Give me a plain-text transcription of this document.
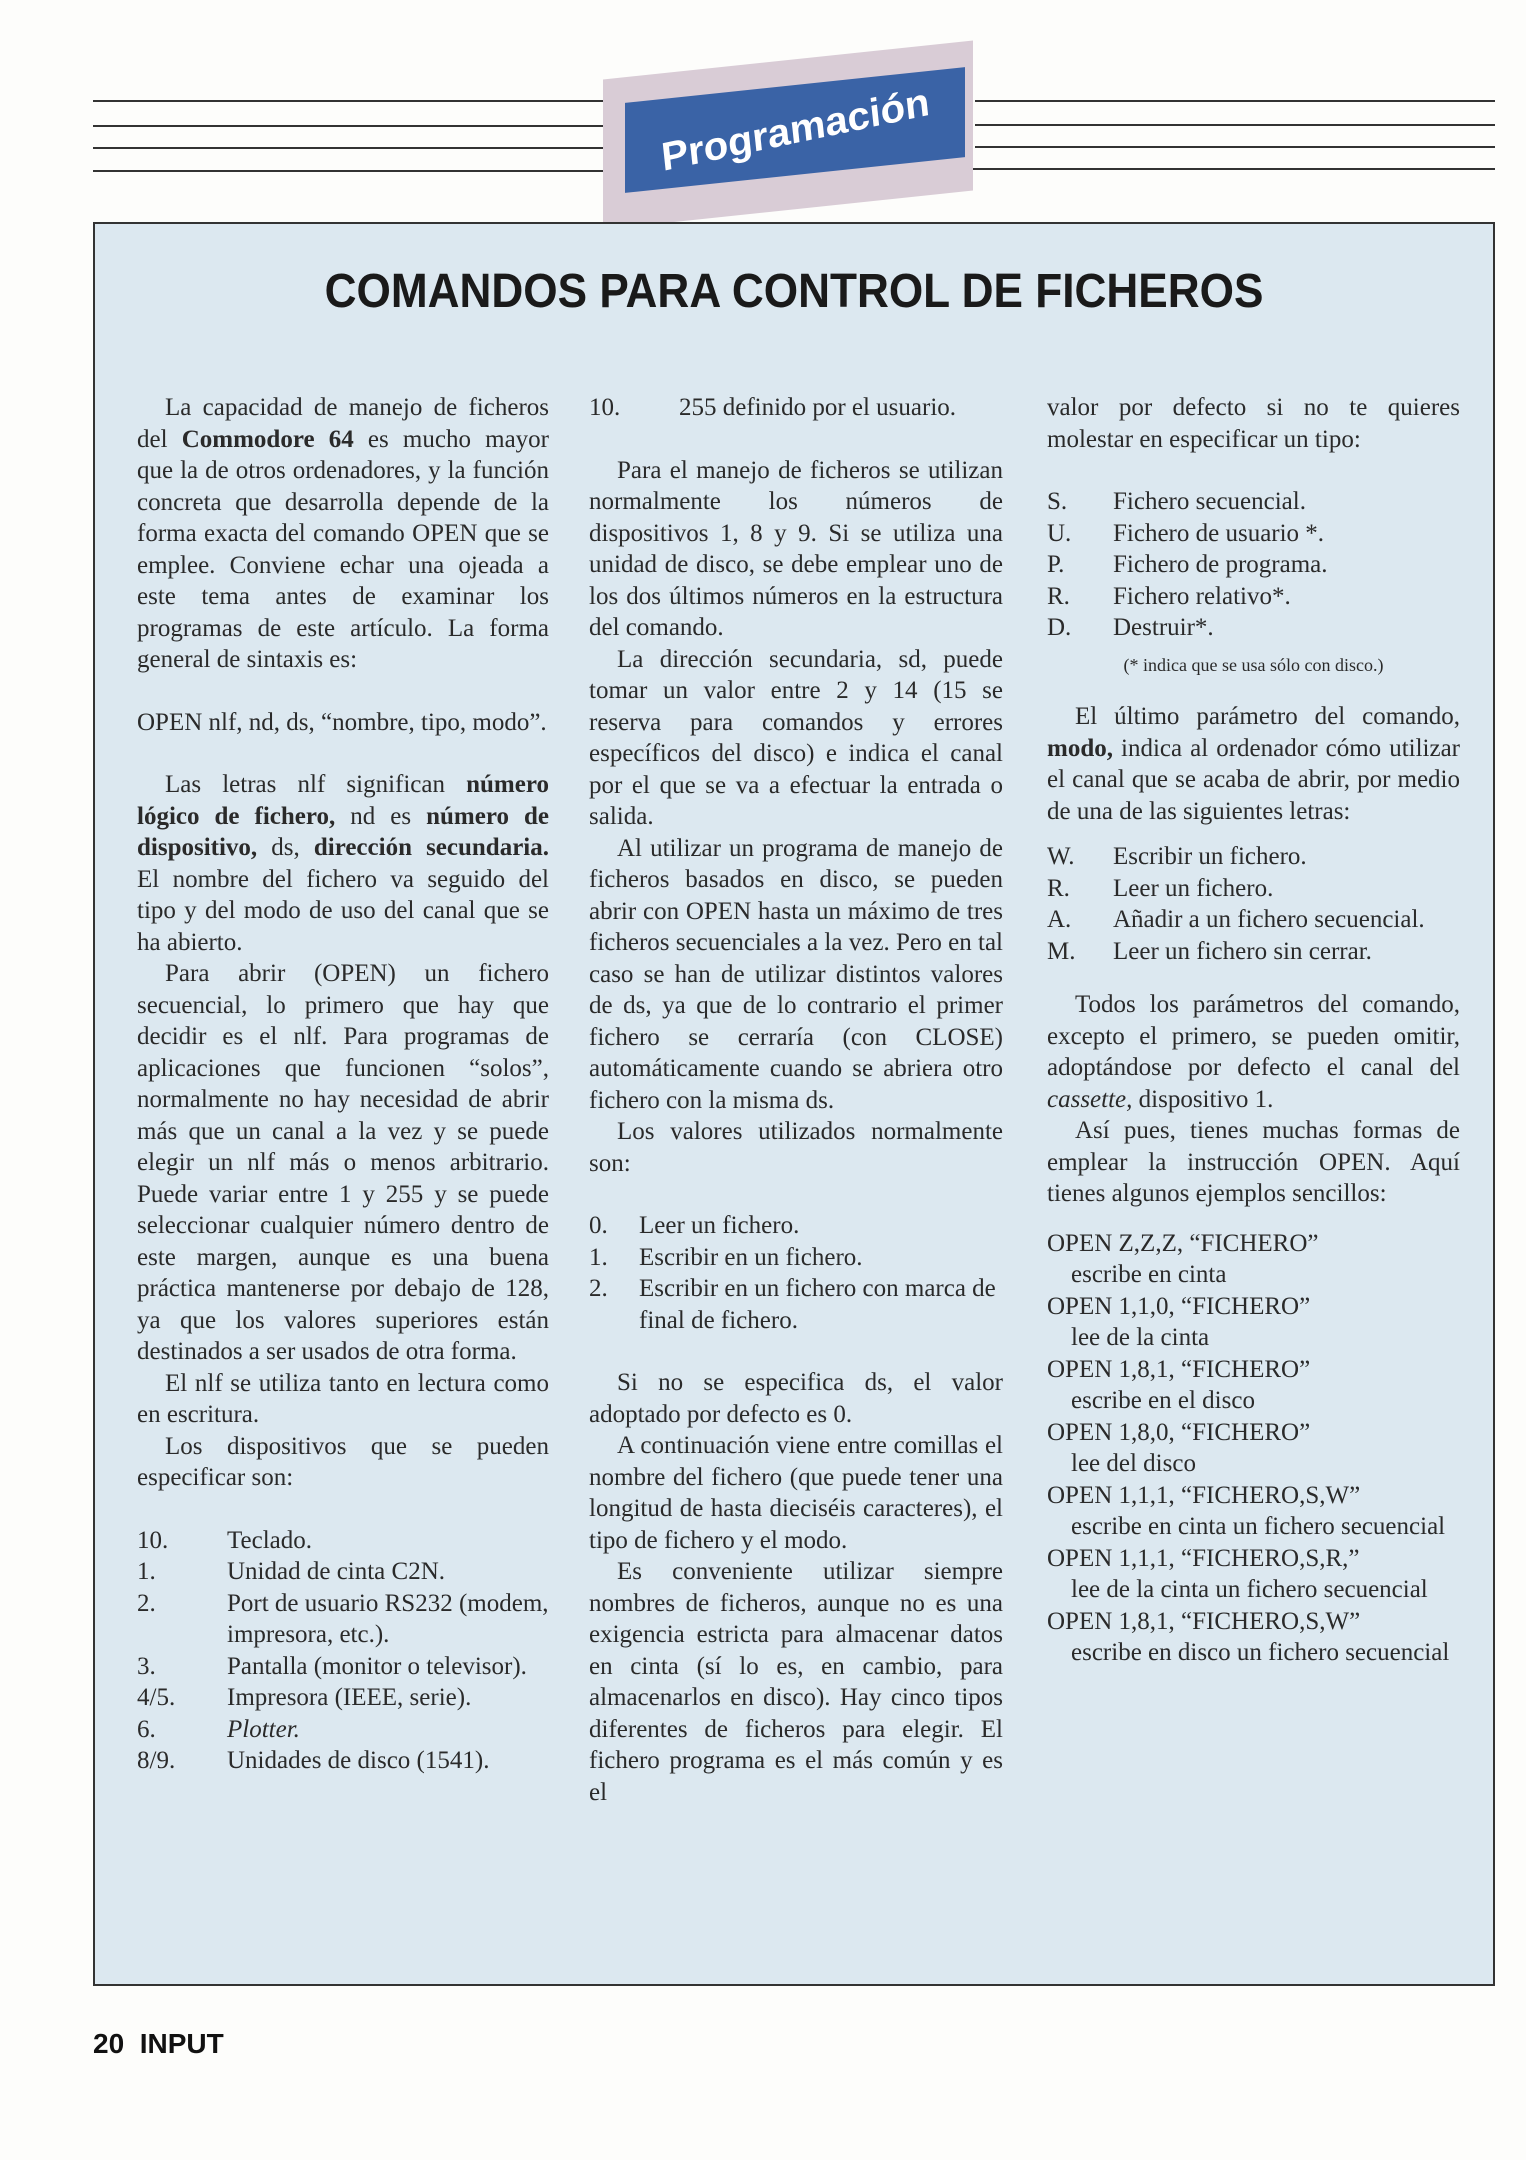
Programación
COMANDOS PARA CONTROL DE FICHEROS

La capacidad de manejo de ficheros del Commodore 64 es mucho mayor que la de otros ordenadores, y la función concreta que desarrolla depende de la forma exacta del comando OPEN que se emplee. Conviene echar una ojeada a este tema antes de examinar los programas de este artículo. La forma general de sintaxis es:

OPEN nlf, nd, ds, “nombre, tipo, modo”.

Las letras nlf significan número lógico de fichero, nd es número de dispositivo, ds, dirección secundaria. El nombre del fichero va seguido del tipo y del modo de uso del canal que se ha abierto.

Para abrir (OPEN) un fichero secuencial, lo primero que hay que decidir es el nlf. Para programas de aplicaciones que funcionen “solos”, normalmente no hay necesidad de abrir más que un canal a la vez y se puede elegir un nlf más o menos arbitrario. Puede variar entre 1 y 255 y se puede seleccionar cualquier número dentro de este margen, aunque es una buena práctica mantenerse por debajo de 128, ya que los valores superiores están destinados a ser usados de otra forma.

El nlf se utiliza tanto en lectura como en escritura.

Los dispositivos que se pueden especificar son:

10.	Teclado.
1.	Unidad de cinta C2N.
2.	Port de usuario RS232 (modem, impresora, etc.).
3.	Pantalla (monitor o televisor).
4/5.	Impresora (IEEE, serie).
6.	Plotter.
8/9.	Unidades de disco (1541).
10.	255 definido por el usuario.

Para el manejo de ficheros se utilizan normalmente los números de dispositivos 1, 8 y 9. Si se utiliza una unidad de disco, se debe emplear uno de los dos últimos números en la estructura del comando.

La dirección secundaria, sd, puede tomar un valor entre 2 y 14 (15 se reserva para comandos y errores específicos del disco) e indica el canal por el que se va a efectuar la entrada o salida.

Al utilizar un programa de manejo de ficheros basados en disco, se pueden abrir con OPEN hasta un máximo de tres ficheros secuenciales a la vez. Pero en tal caso se han de utilizar distintos valores de ds, ya que de lo contrario el primer fichero se cerraría (con CLOSE) automáticamente cuando se abriera otro fichero con la misma ds.

Los valores utilizados normalmente son:

0.	Leer un fichero.
1.	Escribir en un fichero.
2.	Escribir en un fichero con marca de final de fichero.

Si no se especifica ds, el valor adoptado por defecto es 0.

A continuación viene entre comillas el nombre del fichero (que puede tener una longitud de hasta dieciséis caracteres), el tipo de fichero y el modo.

Es conveniente utilizar siempre nombres de ficheros, aunque no es una exigencia estricta para almacenar datos en cinta (sí lo es, en cambio, para almacenarlos en disco). Hay cinco tipos diferentes de ficheros para elegir. El fichero programa es el más común y es el

valor por defecto si no te quieres molestar en especificar un tipo:

S.	Fichero secuencial.
U.	Fichero de usuario *.
P.	Fichero de programa.
R.	Fichero relativo*.
D.	Destruir*.
(* indica que se usa sólo con disco.)

El último parámetro del comando, modo, indica al ordenador cómo utilizar el canal que se acaba de abrir, por medio de una de las siguientes letras:

W.	Escribir un fichero.
R.	Leer un fichero.
A.	Añadir a un fichero secuencial.
M.	Leer un fichero sin cerrar.

Todos los parámetros del comando, excepto el primero, se pueden omitir, adoptándose por defecto el canal del cassette, dispositivo 1.

Así pues, tienes muchas formas de emplear la instrucción OPEN. Aquí tienes algunos ejemplos sencillos:

OPEN Z,Z,Z, “FICHERO”
escribe en cinta
OPEN 1,1,0, “FICHERO”
lee de la cinta
OPEN 1,8,1, “FICHERO”
escribe en el disco
OPEN 1,8,0, “FICHERO”
lee del disco
OPEN 1,1,1, “FICHERO,S,W”
escribe en cinta un fichero secuencial
OPEN 1,1,1, “FICHERO,S,R,”
lee de la cinta un fichero secuencial
OPEN 1,8,1, “FICHERO,S,W”
escribe en disco un fichero secuencial
20 INPUT
